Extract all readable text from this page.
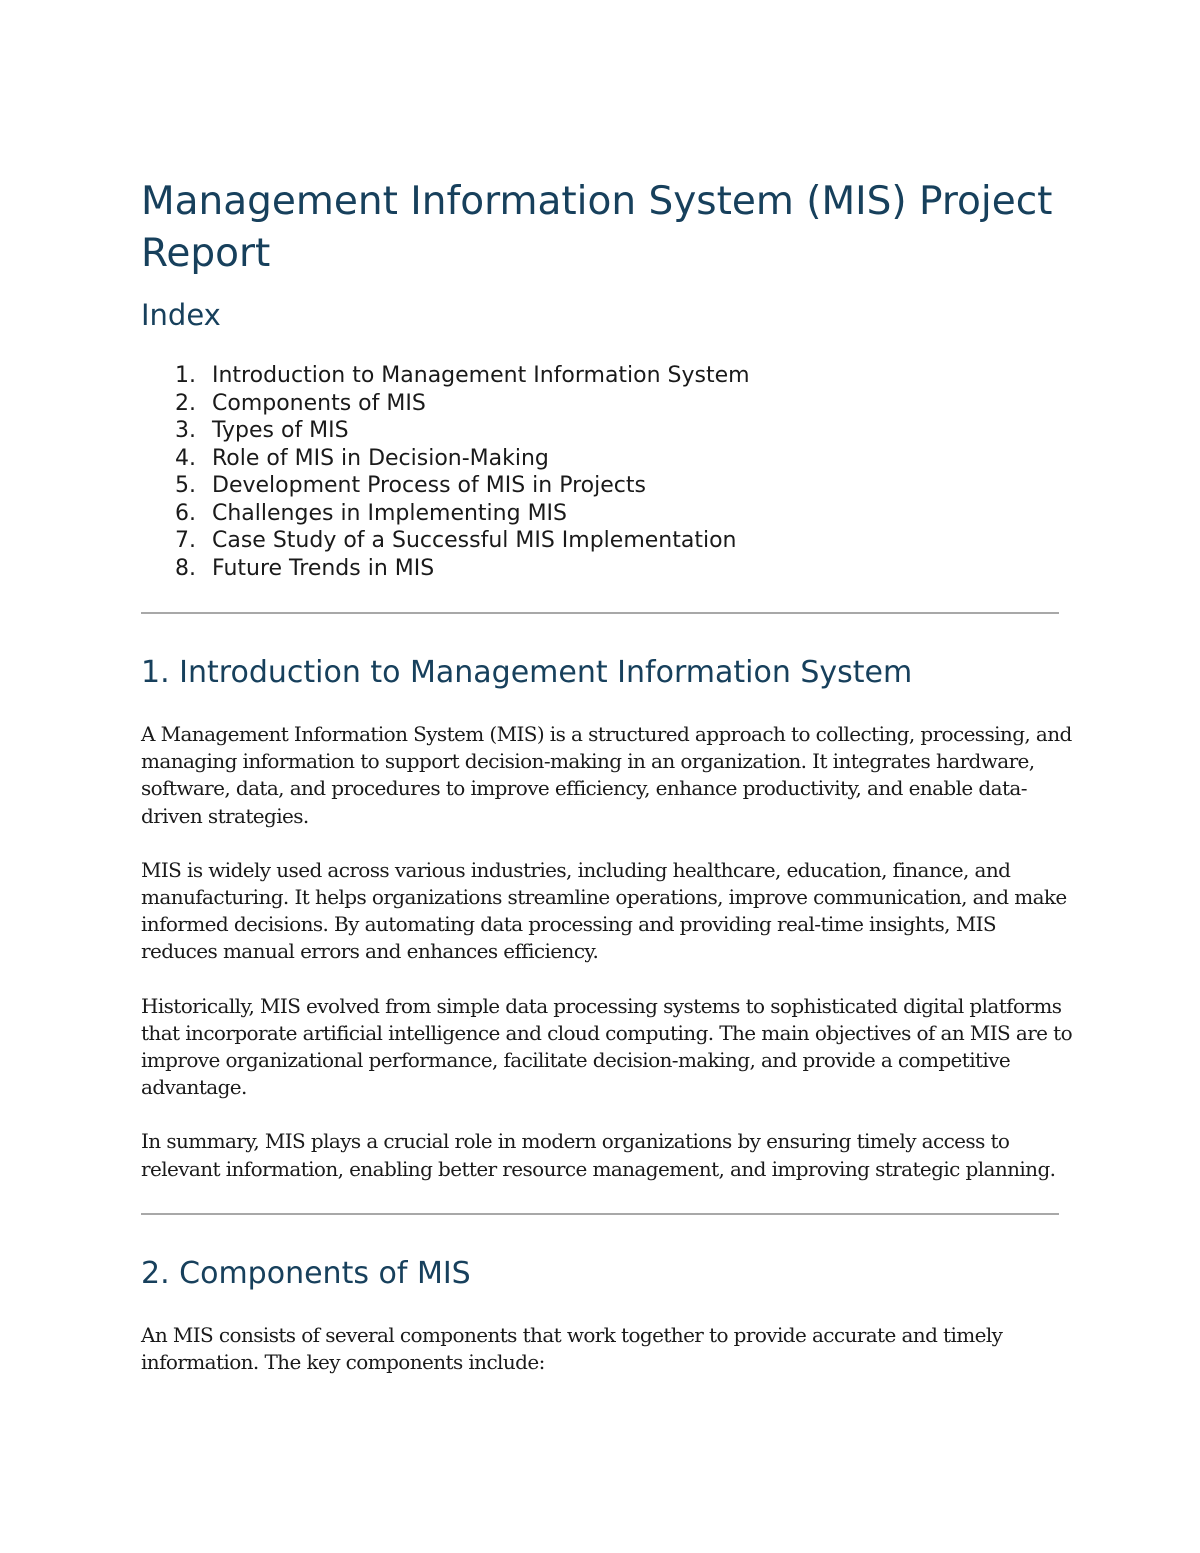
Management Information System (MIS) Project
Report
Index
1. Introduction to Management Information System
2. Components of MIS
3. Types of MIS
4. Role of MIS in Decision-Making
5. Development Process of MIS in Projects
6. Challenges in Implementing MIS
7. Case Study of a Successful MIS Implementation
8. Future Trends in MIS
1. Introduction to Management Information System

A Management Information System (MIS) is a structured approach to collecting, processing, and
managing information to support decision-making in an organization. It integrates hardware,
software, data, and procedures to improve efficiency, enhance productivity, and enable data-
driven strategies.

MIS is widely used across various industries, including healthcare, education, finance, and
manufacturing. It helps organizations streamline operations, improve communication, and make
informed decisions. By automating data processing and providing real-time insights, MIS
reduces manual errors and enhances efficiency.

Historically, MIS evolved from simple data processing systems to sophisticated digital platforms
that incorporate artificial intelligence and cloud computing. The main objectives of an MIS are to
improve organizational performance, facilitate decision-making, and provide a competitive
advantage.

In summary, MIS plays a crucial role in modern organizations by ensuring timely access to
relevant information, enabling better resource management, and improving strategic planning.

2. Components of MIS

An MIS consists of several components that work together to provide accurate and timely
information. The key components include:
